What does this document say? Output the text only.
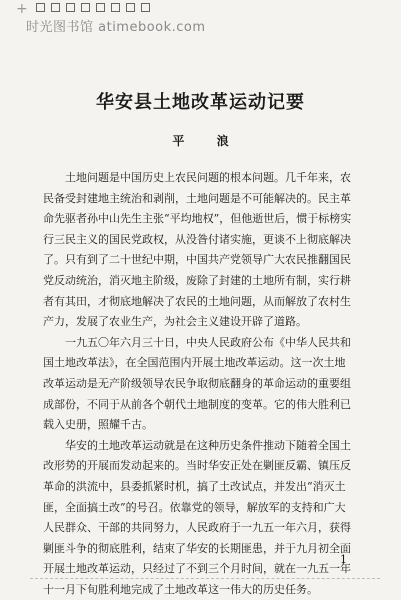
+
时光图书馆 atimebook.com
华安县土地改革运动记要
平 浪
　　土地问题是中国历史上农民问题的根本问题。几千年来，农
民备受封建地主统治和剥削，土地问题是不可能解决的。民主革
命先驱者孙中山先生主张“平均地权”，但他逝世后，惯于标榜实
行三民主义的国民党政权，从没昝付诸实施，更谈不上彻底解决
了。只有到了二十世纪中期，中国共产党领导广大农民推翻国民
党反动统治，消灭地主阶级，废除了封建的土地所有制，实行耕
者有其田，才彻底地解决了农民的土地问题，从而解放了农村生
产力，发展了农业生产，为社会主义建设开辟了道路。
　　一九五〇年六月三十日，中央人民政府公布《中华人民共和
国土地改革法》，在全国范围内开展土地改革运动。这一次土地
改革运动是无产阶级领导农民争取彻底翻身的革命运动的重要组
成部份，不同于从前各个朝代土地制度的变革。它的伟大胜利已
载入史册，照耀千古。
　　华安的土地改革运动就是在这种历史条件推动下随着全国土
改形势的开展而发动起来的。当时华安正处在剿匪反霸、镇压反
革命的洪流中，县委抓紧时机，搞了土改试点，并发出“消灭土
匪，全面搞土改”的号召。依靠党的领导，解放军的支持和广大
人民群众、干部的共同努力，人民政府于一九五一年六月，获得
剿匪斗争的彻底胜利，结束了华安的长期匪患，并于九月初全面
开展土地改革运动，只经过了不到三个月时间，就在一九五一年
十一月下旬胜利地完成了土地改革这一伟大的历史任务。
1
